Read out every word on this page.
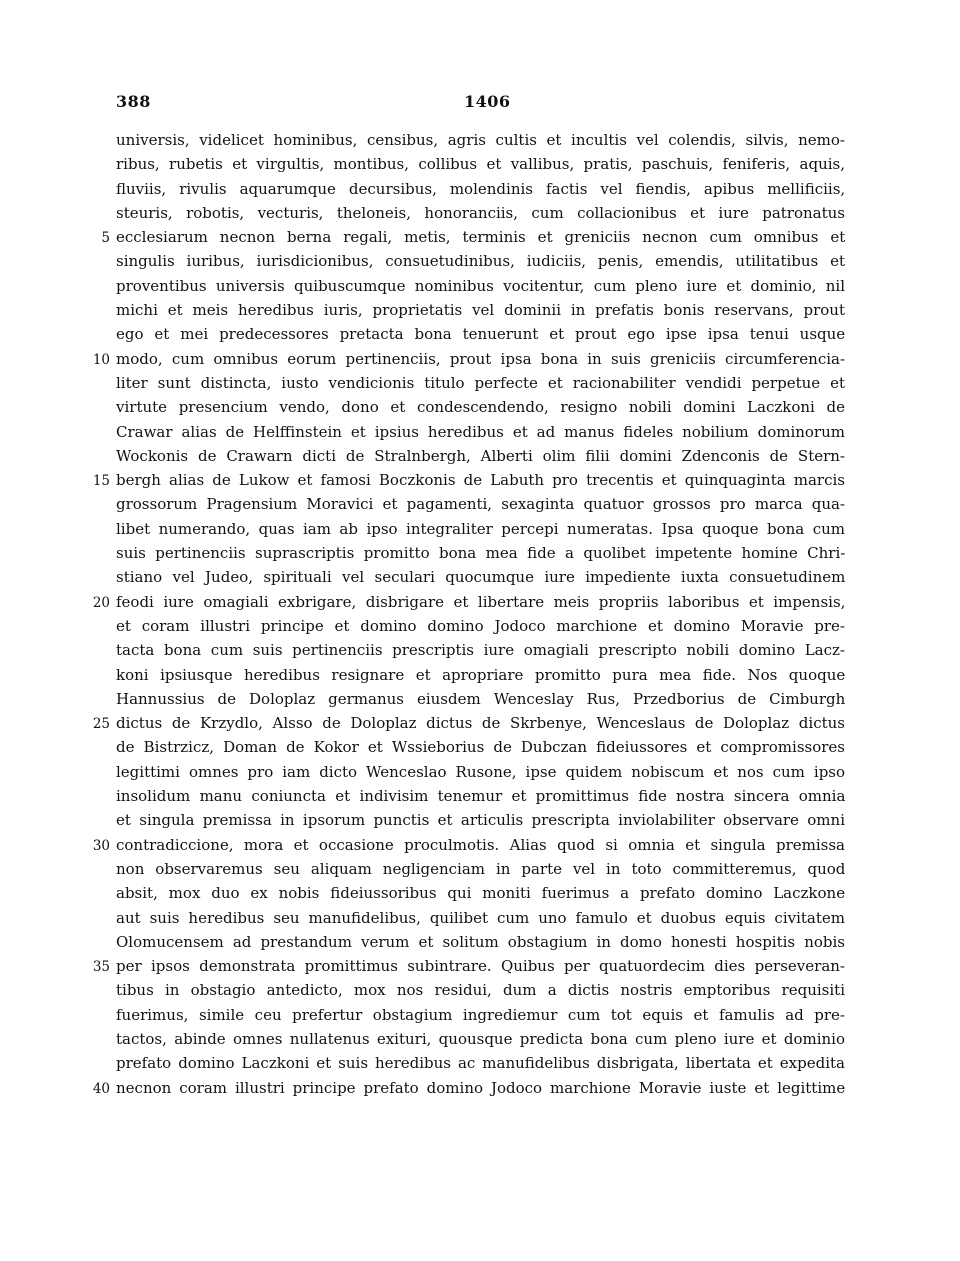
388	1406
universis, videlicet hominibus, censibus, agris cultis et incultis vel colendis, silvis, nemo-
ribus, rubetis et virgultis, montibus, collibus et vallibus, pratis, paschuis, feniferis, aquis,
fluviis, rivulis aquarumque decursibus, molendinis factis vel fiendis, apibus mellificiis,
steuris, robotis, vecturis, theloneis, honoranciis, cum collacionibus et iure patronatus
5 ecclesiarum necnon berna regali, metis, terminis et greniciis necnon cum omnibus et
singulis iuribus, iurisdicionibus, consuetudinibus, iudiciis, penis, emendis, utilitatibus et
proventibus universis quibuscumque nominibus vocitentur, cum pleno iure et dominio, nil
michi et meis heredibus iuris, proprietatis vel dominii in prefatis bonis reservans, prout
ego et mei predecessores pretacta bona tenuerunt et prout ego ipse ipsa tenui usque
10 modo, cum omnibus eorum pertinenciis, prout ipsa bona in suis greniciis circumferencia-
liter sunt distincta, iusto vendicionis titulo perfecte et racionabiliter vendidi perpetue et
virtute presencium vendo, dono et condescendendo, resigno nobili domini Laczkoni de
Crawar alias de Helffinstein et ipsius heredibus et ad manus fideles nobilium dominorum
Wockonis de Crawarn dicti de Stralnbergh, Alberti olim filii domini Zdenconis de Stern-
15 bergh alias de Lukow et famosi Boczkonis de Labuth pro trecentis et quinquaginta marcis
grossorum Pragensium Moravici et pagamenti, sexaginta quatuor grossos pro marca qua-
libet numerando, quas iam ab ipso integraliter percepi numeratas. Ipsa quoque bona cum
suis pertinenciis suprascriptis promitto bona mea fide a quolibet impetente homine Chri-
stiano vel Judeo, spirituali vel seculari quocumque iure impediente iuxta consuetudinem
20 feodi iure omagiali exbrigare, disbrigare et libertare meis propriis laboribus et impensis,
et coram illustri principe et domino domino Jodoco marchione et domino Moravie pre-
tacta bona cum suis pertinenciis prescriptis iure omagiali prescripto nobili domino Lacz-
koni ipsiusque heredibus resignare et apropriare promitto pura mea fide. Nos quoque
Hannussius de Doloplaz germanus eiusdem Wenceslay Rus, Przedborius de Cimburgh
25 dictus de Krzydlo, Alsso de Doloplaz dictus de Skrbenye, Wenceslaus de Doloplaz dictus
de Bistrzicz, Doman de Kokor et Wssieborius de Dubczan fideiussores et compromissores
legittimi omnes pro iam dicto Wenceslao Rusone, ipse quidem nobiscum et nos cum ipso
insolidum manu coniuncta et indivisim tenemur et promittimus fide nostra sincera omnia
et singula premissa in ipsorum punctis et articulis prescripta inviolabiliter observare omni
30 contradiccione, mora et occasione proculmotis. Alias quod si omnia et singula premissa
non observaremus seu aliquam negligenciam in parte vel in toto committeremus, quod
absit, mox duo ex nobis fideiussoribus qui moniti fuerimus a prefato domino Laczkone
aut suis heredibus seu manufidelibus, quilibet cum uno famulo et duobus equis civitatem
Olomucensem ad prestandum verum et solitum obstagium in domo honesti hospitis nobis
35 per ipsos demonstrata promittimus subintrare. Quibus per quatuordecim dies perseveran-
tibus in obstagio antedicto, mox nos residui, dum a dictis nostris emptoribus requisiti
fuerimus, simile ceu prefertur obstagium ingrediemur cum tot equis et famulis ad pre-
tactos, abinde omnes nullatenus exituri, quousque predicta bona cum pleno iure et dominio
prefato domino Laczkoni et suis heredibus ac manufidelibus disbrigata, libertata et expedita
40 necnon coram illustri principe prefato domino Jodoco marchione Moravie iuste et legittime
